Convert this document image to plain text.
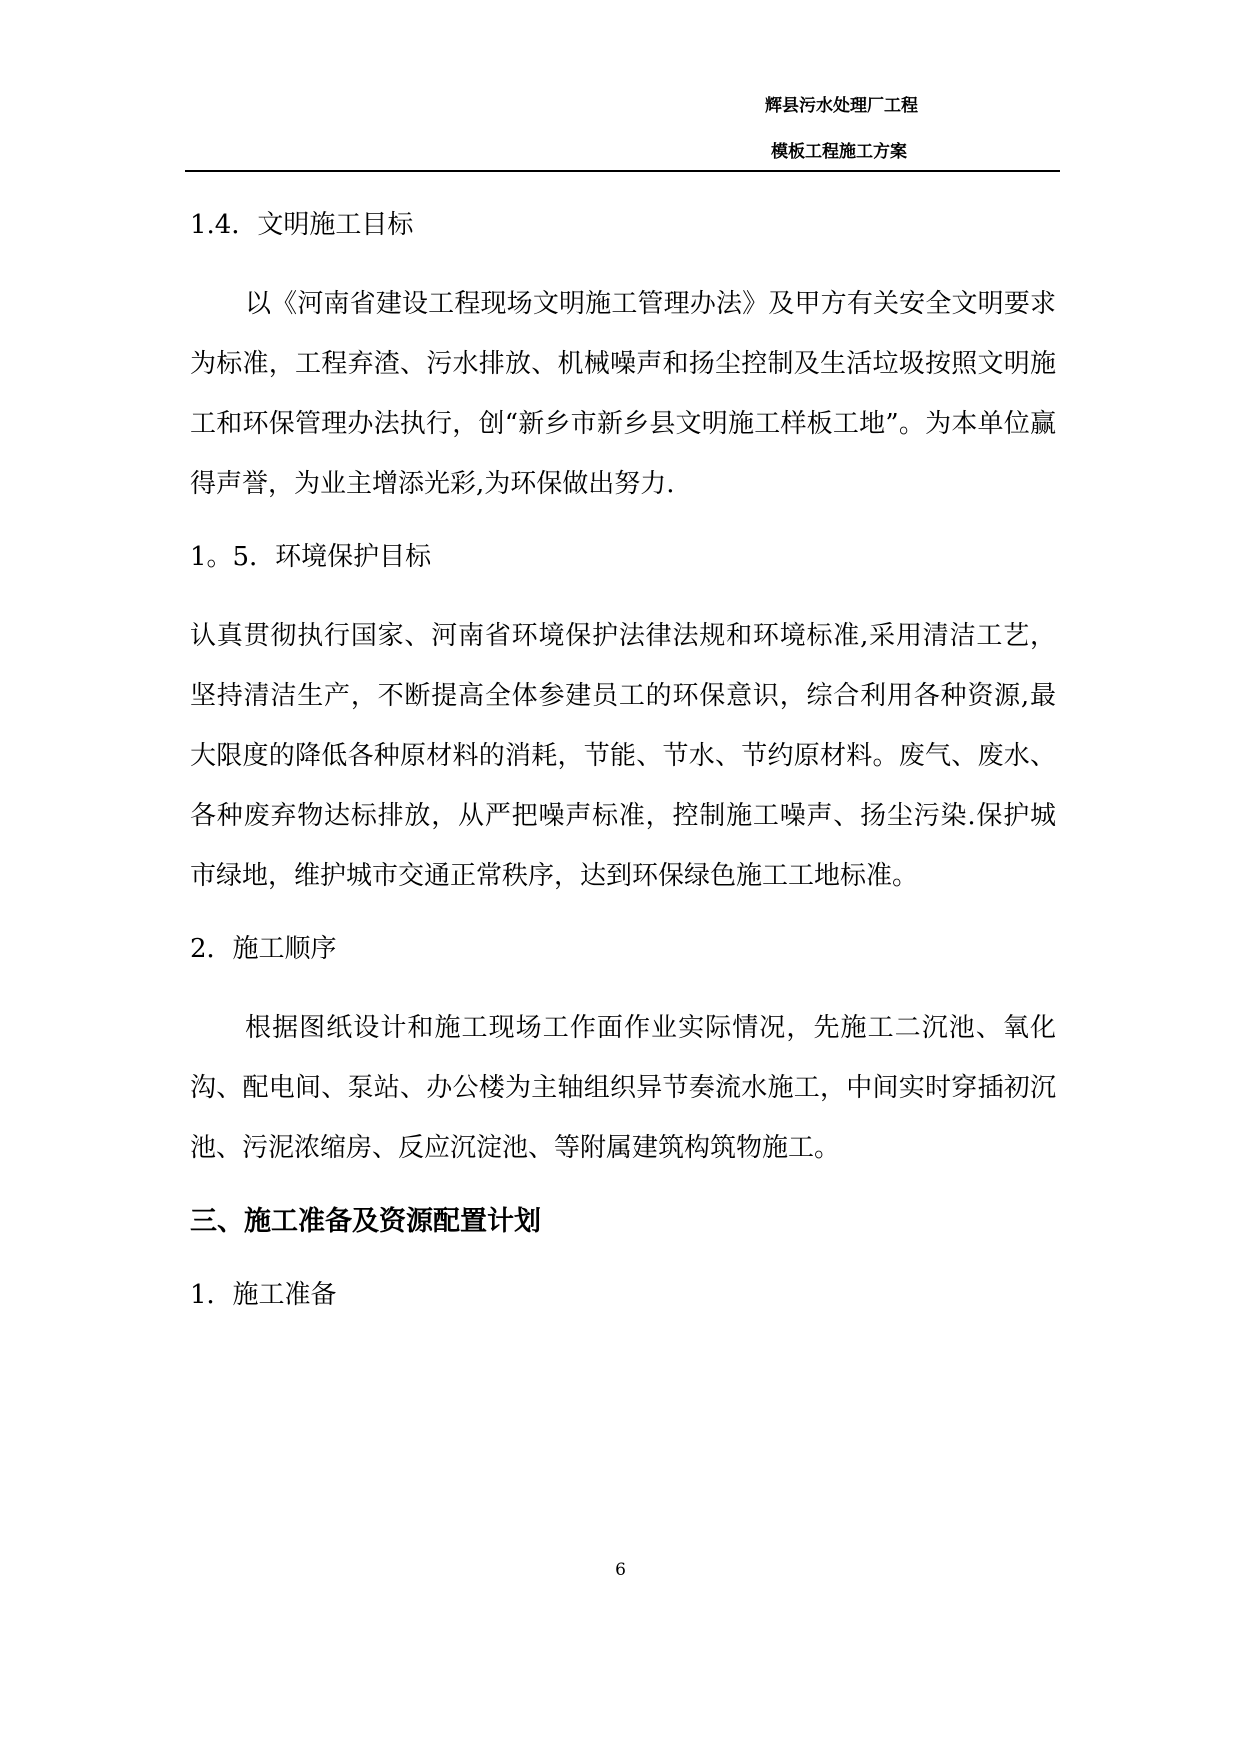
辉县污水处理厂工程
模板工程施工方案
1.4．文明施工目标

以《河南省建设工程现场文明施工管理办法》及甲方有关安全文明要求为标准，工程弃渣、污水排放、机械噪声和扬尘控制及生活垃圾按照文明施工和环保管理办法执行，创“新乡市新乡县文明施工样板工地”。为本单位赢得声誉，为业主增添光彩,为环保做出努力.

1。5．环境保护目标

认真贯彻执行国家、河南省环境保护法律法规和环境标准,采用清洁工艺，坚持清洁生产，不断提高全体参建员工的环保意识，综合利用各种资源,最大限度的降低各种原材料的消耗，节能、节水、节约原材料。废气、废水、各种废弃物达标排放，从严把噪声标准，控制施工噪声、扬尘污染.保护城市绿地，维护城市交通正常秩序，达到环保绿色施工工地标准。

2．施工顺序

根据图纸设计和施工现场工作面作业实际情况，先施工二沉池、氧化沟、配电间、泵站、办公楼为主轴组织异节奏流水施工，中间实时穿插初沉池、污泥浓缩房、反应沉淀池、等附属建筑构筑物施工。

三、施工准备及资源配置计划
1．施工准备
6
